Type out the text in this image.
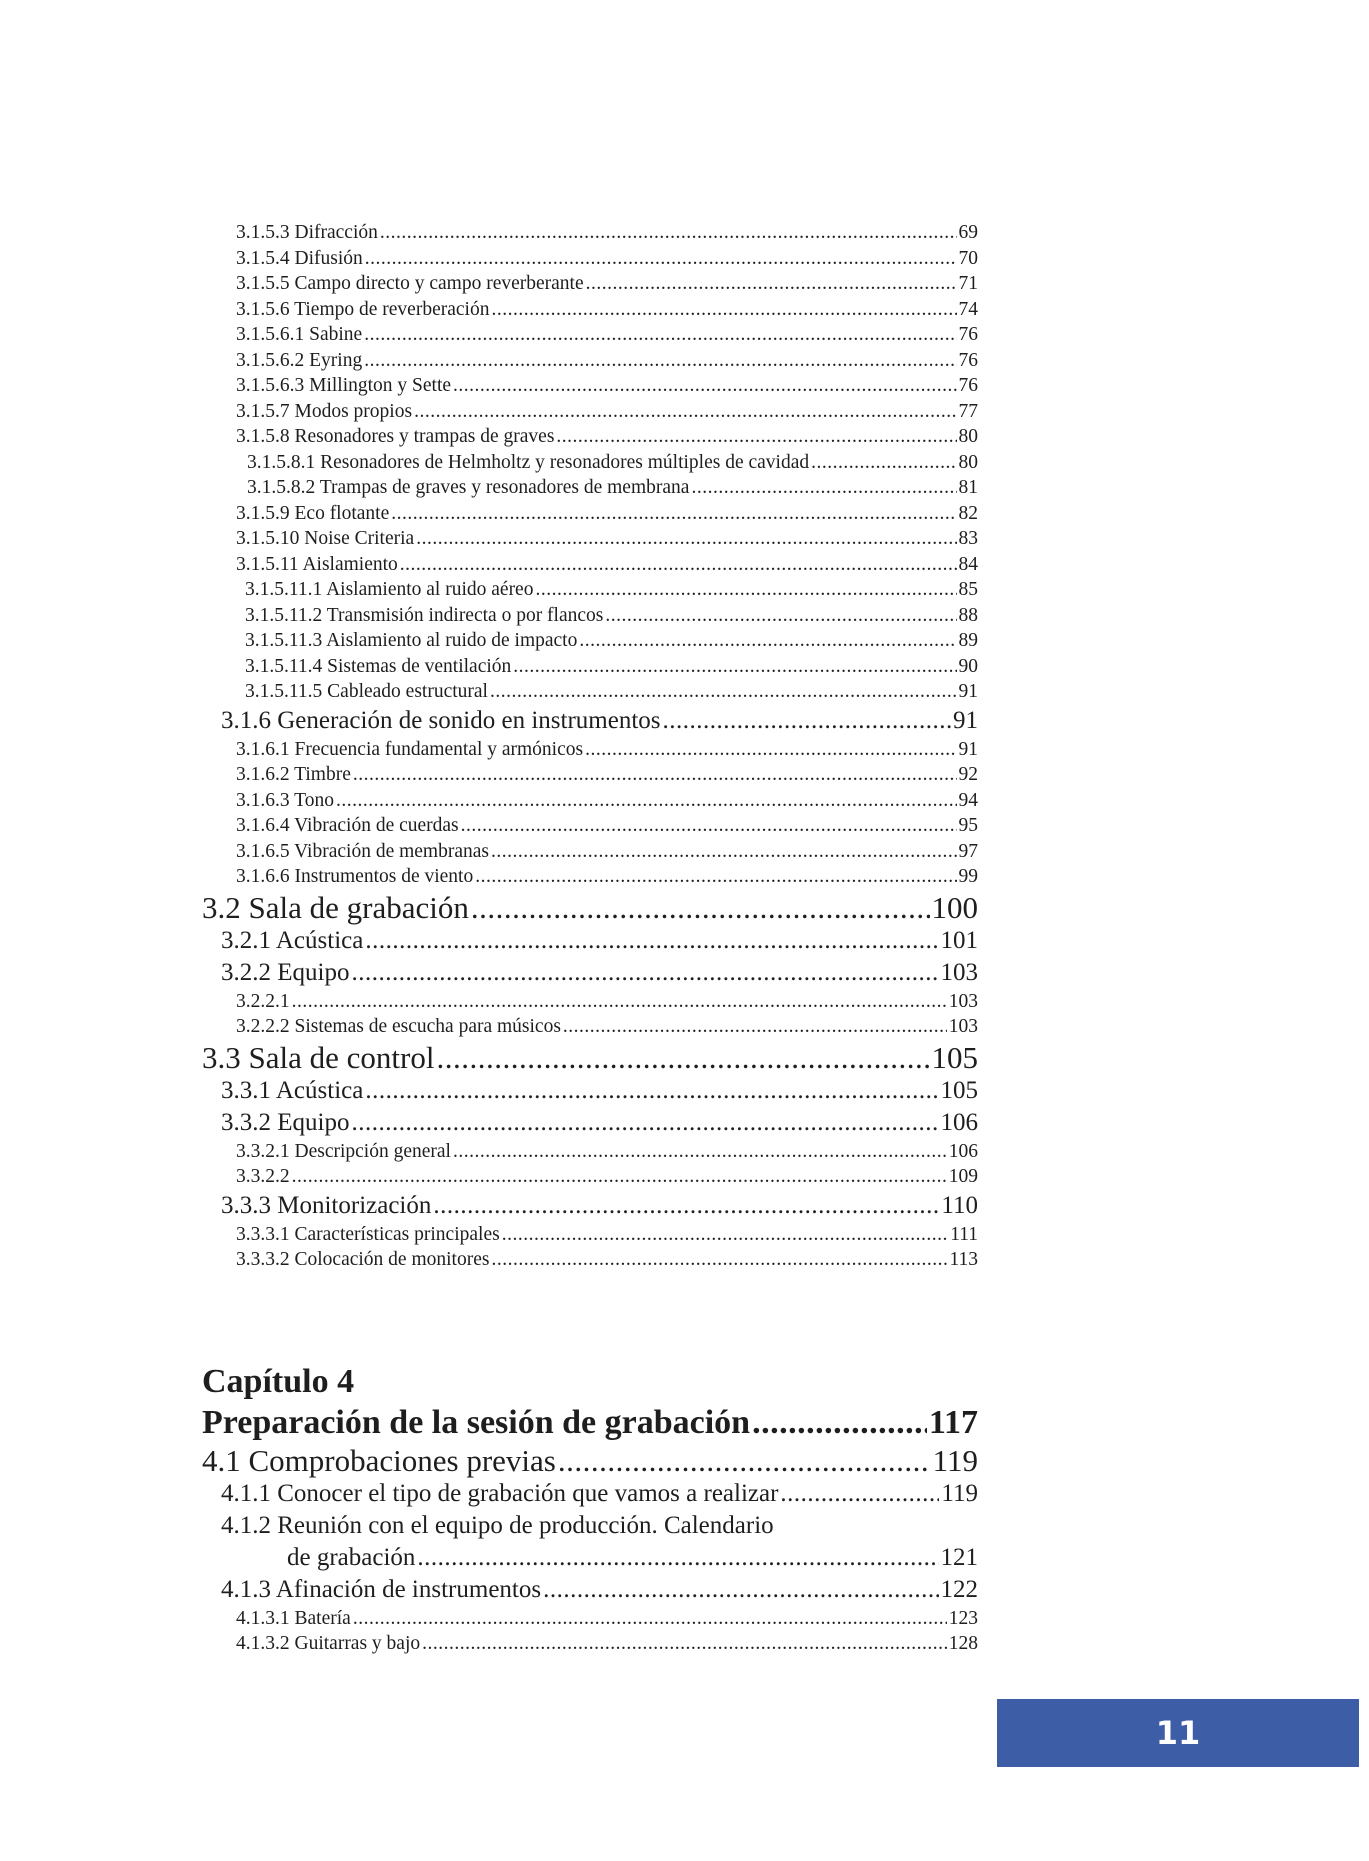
3.1.5.3 Difracción .....	69
3.1.5.4 Difusión .....	70
3.1.5.5 Campo directo y campo reverberante .....	71
3.1.5.6 Tiempo de reverberación .....	74
3.1.5.6.1 Sabine .....	76
3.1.5.6.2 Eyring .....	76
3.1.5.6.3 Millington y Sette .....	76
3.1.5.7 Modos propios .....	77
3.1.5.8 Resonadores y trampas de graves .....	80
3.1.5.8.1 Resonadores de Helmholtz y resonadores múltiples de cavidad .....	80
3.1.5.8.2 Trampas de graves y resonadores de membrana .....	81
3.1.5.9 Eco flotante .....	82
3.1.5.10 Noise Criteria .....	83
3.1.5.11 Aislamiento .....	84
3.1.5.11.1 Aislamiento al ruido aéreo .....	85
3.1.5.11.2 Transmisión indirecta o por flancos .....	88
3.1.5.11.3 Aislamiento al ruido de impacto .....	89
3.1.5.11.4 Sistemas de ventilación .....	90
3.1.5.11.5 Cableado estructural .....	91
3.1.6 Generación de sonido en instrumentos .....	91
3.1.6.1 Frecuencia fundamental y armónicos .....	91
3.1.6.2 Timbre .....	92
3.1.6.3 Tono .....	94
3.1.6.4 Vibración de cuerdas .....	95
3.1.6.5 Vibración de membranas .....	97
3.1.6.6 Instrumentos de viento .....	99
3.2 Sala de grabación .....	100
3.2.1 Acústica .....	101
3.2.2 Equipo .....	103
3.2.2.1 .....	103
3.2.2.2 Sistemas de escucha para músicos .....	103
3.3 Sala de control .....	105
3.3.1 Acústica .....	105
3.3.2 Equipo .....	106
3.3.2.1 Descripción general .....	106
3.3.2.2 .....	109
3.3.3 Monitorización .....	110
3.3.3.1 Características principales .....	111
3.3.3.2 Colocación de monitores .....	113
Capítulo 4
Preparación de la sesión de grabación .....	117
4.1 Comprobaciones previas .....	119
4.1.1 Conocer el tipo de grabación que vamos a realizar .....	119
4.1.2 Reunión con el equipo de producción. Calendario
de grabación .....	121
4.1.3 Afinación de instrumentos .....	122
4.1.3.1 Batería .....	123
4.1.3.2 Guitarras y bajo .....	128
11
